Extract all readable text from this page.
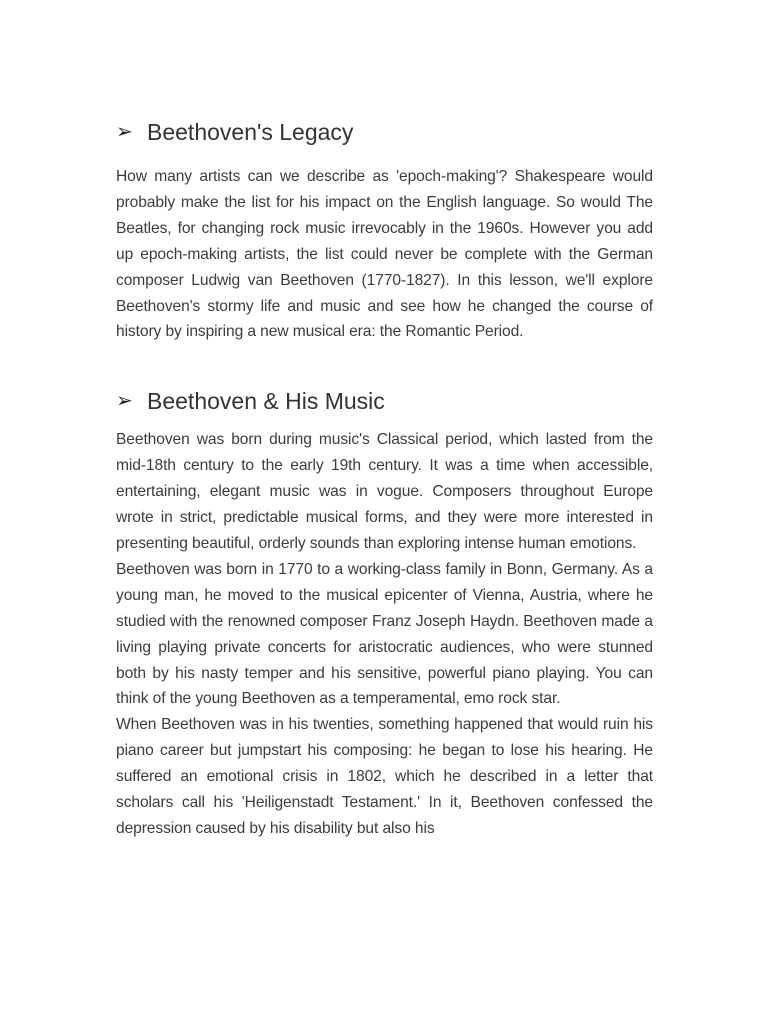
➢ Beethoven's Legacy

How many artists can we describe as 'epoch-making'? Shakespeare would probably make the list for his impact on the English language. So would The Beatles, for changing rock music irrevocably in the 1960s. However you add up epoch-making artists, the list could never be complete with the German composer Ludwig van Beethoven (1770-1827). In this lesson, we'll explore Beethoven's stormy life and music and see how he changed the course of history by inspiring a new musical era: the Romantic Period.

➢ Beethoven & His Music

Beethoven was born during music's Classical period, which lasted from the mid-18th century to the early 19th century. It was a time when accessible, entertaining, elegant music was in vogue. Composers throughout Europe wrote in strict, predictable musical forms, and they were more interested in presenting beautiful, orderly sounds than exploring intense human emotions.

Beethoven was born in 1770 to a working-class family in Bonn, Germany. As a young man, he moved to the musical epicenter of Vienna, Austria, where he studied with the renowned composer Franz Joseph Haydn. Beethoven made a living playing private concerts for aristocratic audiences, who were stunned both by his nasty temper and his sensitive, powerful piano playing. You can think of the young Beethoven as a temperamental, emo rock star.

When Beethoven was in his twenties, something happened that would ruin his piano career but jumpstart his composing: he began to lose his hearing. He suffered an emotional crisis in 1802, which he described in a letter that scholars call his 'Heiligenstadt Testament.' In it, Beethoven confessed the depression caused by his disability but also his
